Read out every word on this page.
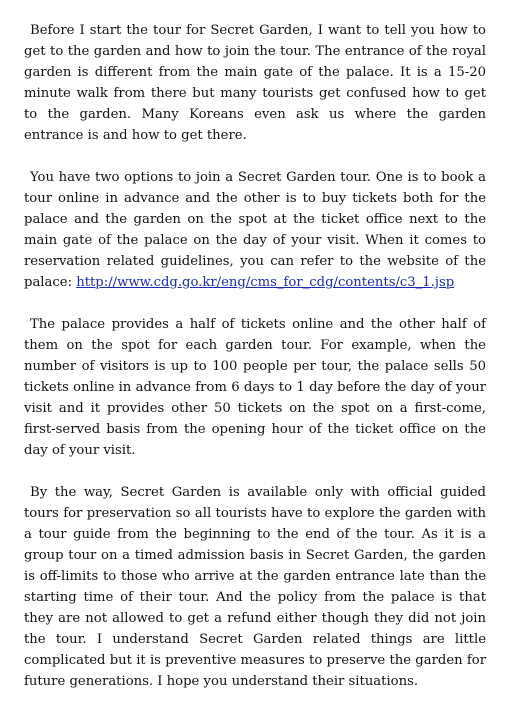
Before I start the tour for Secret Garden, I want to tell you how to get to the garden and how to join the tour. The entrance of the royal garden is different from the main gate of the palace. It is a 15-20 minute walk from there but many tourists get confused how to get to the garden. Many Koreans even ask us where the garden entrance is and how to get there.

You have two options to join a Secret Garden tour. One is to book a tour online in advance and the other is to buy tickets both for the palace and the garden on the spot at the ticket office next to the main gate of the palace on the day of your visit. When it comes to reservation related guidelines, you can refer to the website of the palace: http://www.cdg.go.kr/eng/cms_for_cdg/contents/c3_1.jsp

The palace provides a half of tickets online and the other half of them on the spot for each garden tour. For example, when the number of visitors is up to 100 people per tour, the palace sells 50 tickets online in advance from 6 days to 1 day before the day of your visit and it provides other 50 tickets on the spot on a first-come, first-served basis from the opening hour of the ticket office on the day of your visit.

By the way, Secret Garden is available only with official guided tours for preservation so all tourists have to explore the garden with a tour guide from the beginning to the end of the tour. As it is a group tour on a timed admission basis in Secret Garden, the garden is off-limits to those who arrive at the garden entrance late than the starting time of their tour. And the policy from the palace is that they are not allowed to get a refund either though they did not join the tour. I understand Secret Garden related things are little complicated but it is preventive measures to preserve the garden for future generations. I hope you understand their situations.
